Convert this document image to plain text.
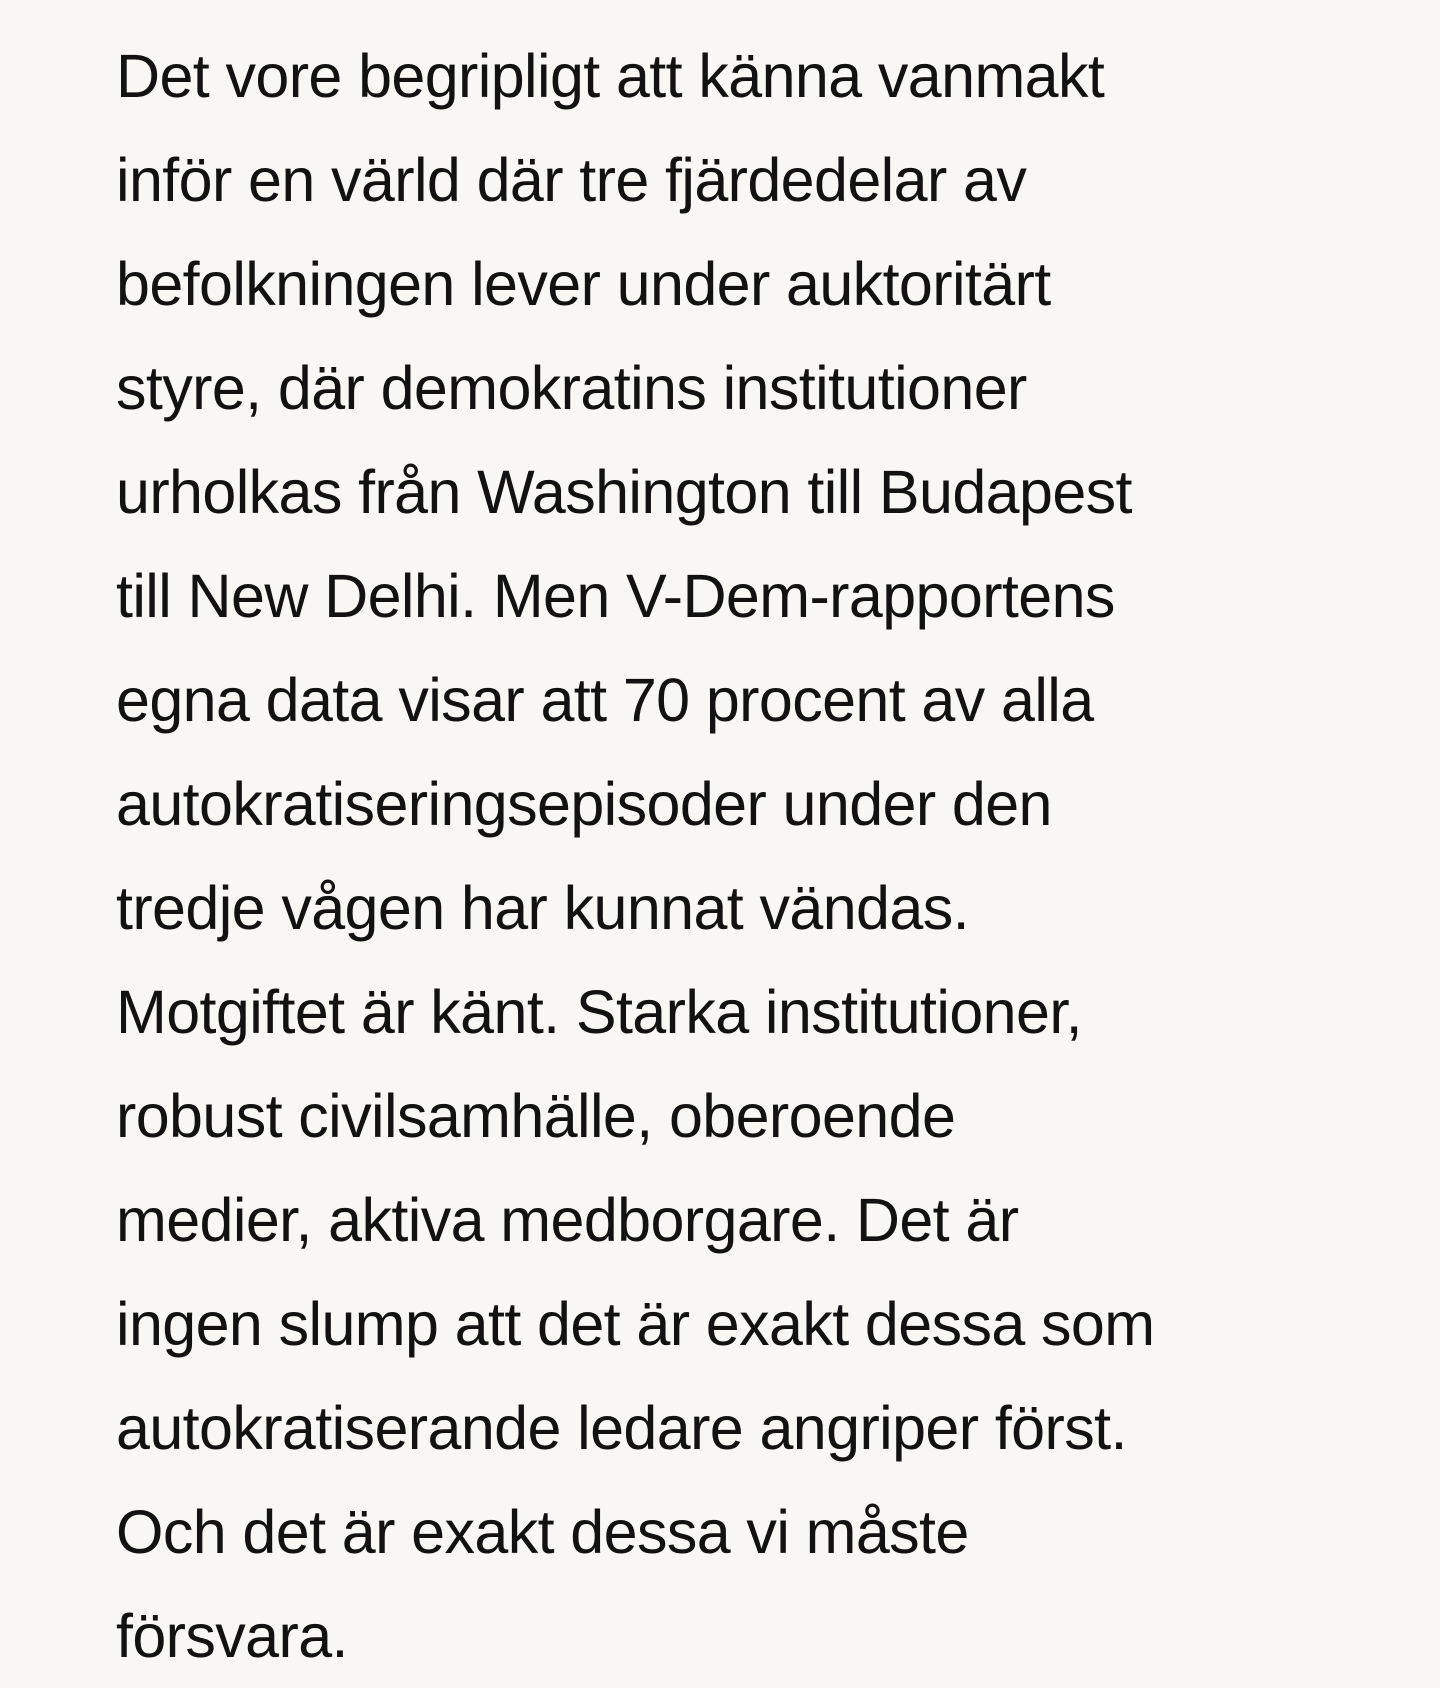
Det vore begripligt att känna vanmakt
inför en värld där tre fjärdedelar av
befolkningen lever under auktoritärt
styre, där demokratins institutioner
urholkas från Washington till Budapest
till New Delhi. Men V-Dem-rapportens
egna data visar att 70 procent av alla
autokratiseringsepisoder under den
tredje vågen har kunnat vändas.
Motgiftet är känt. Starka institutioner,
robust civilsamhälle, oberoende
medier, aktiva medborgare. Det är
ingen slump att det är exakt dessa som
autokratiserande ledare angriper först.
Och det är exakt dessa vi måste
försvara.
